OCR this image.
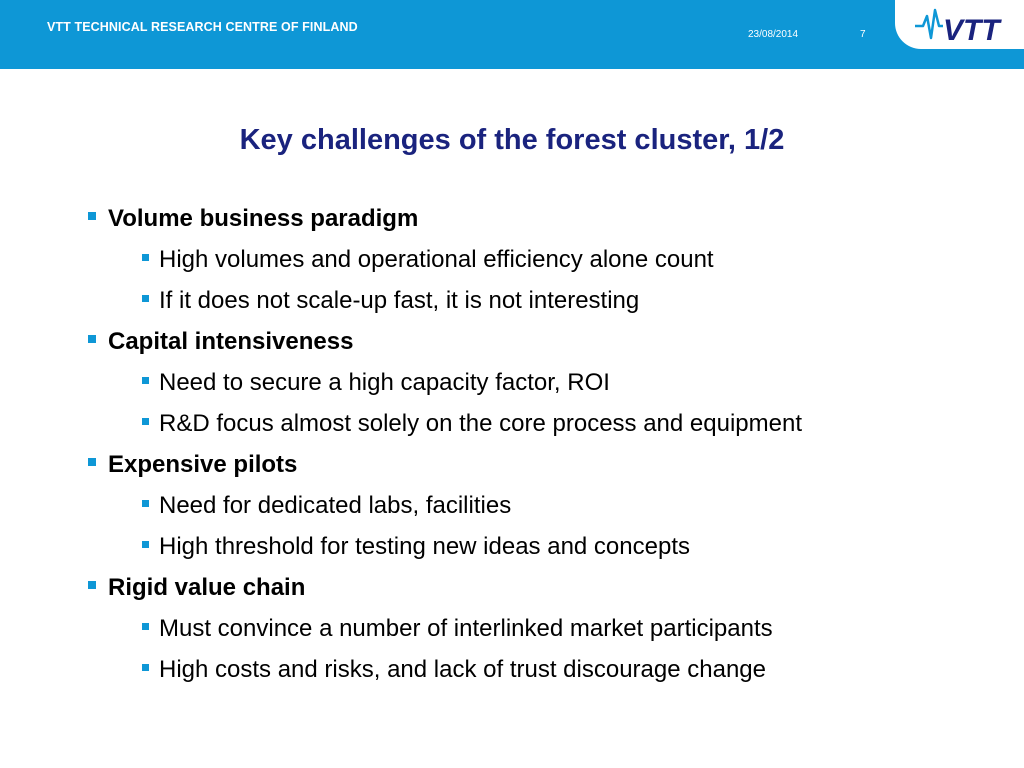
VTT TECHNICAL RESEARCH CENTRE OF FINLAND
23/08/2014	7	VTT
Key challenges of the forest cluster, 1/2
Volume business paradigm
High volumes and operational efficiency alone count
If it does not scale-up fast, it is not interesting
Capital intensiveness
Need to secure a high capacity factor, ROI
R&D focus almost solely on the core process and equipment
Expensive pilots
Need for dedicated labs, facilities
High threshold for testing new ideas and concepts
Rigid value chain
Must convince a number of interlinked market participants
High costs and risks, and lack of trust discourage change
